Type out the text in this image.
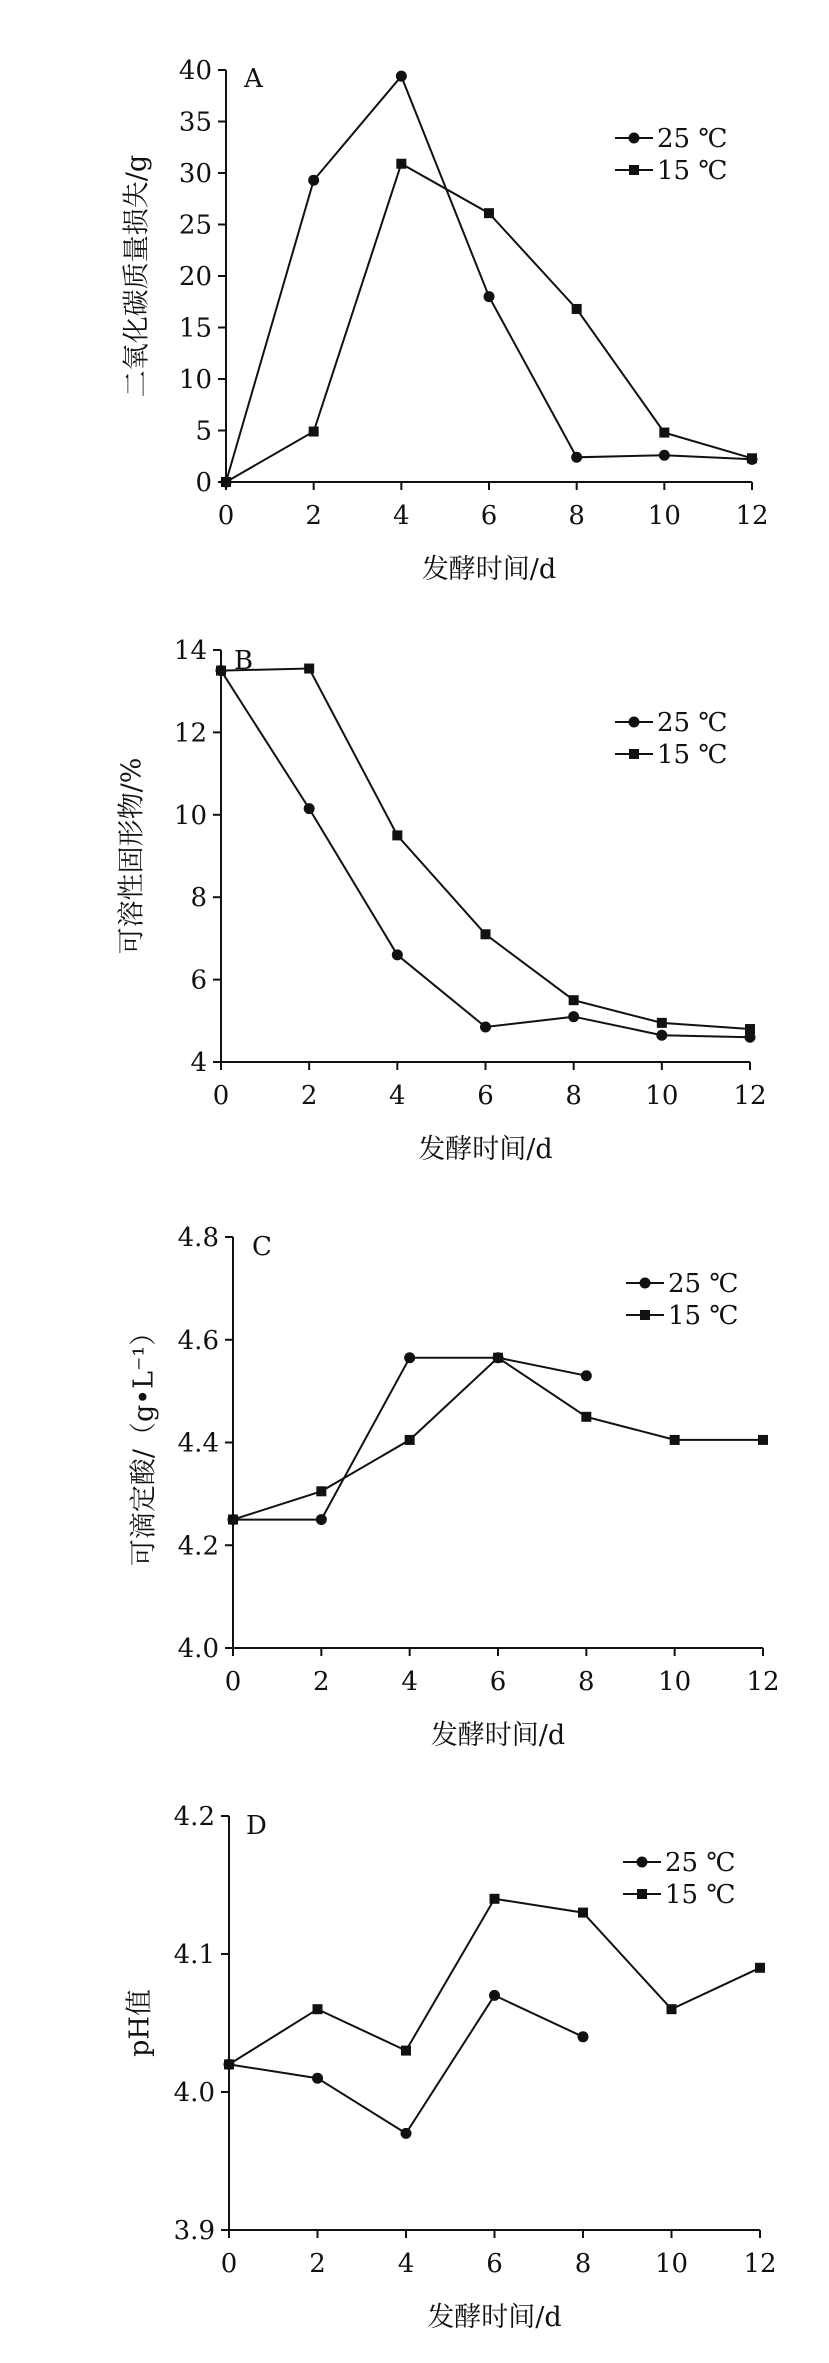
0
5
10
15
20
25
30
35
40
0	2	4	6	8 10 12
发酵时间/d
二氧化碳质量损失/g
A
25 ℃
15 ℃
4
6
8
10
12
14
0	2	4	6	8 10 12
发酵时间/d
可溶性固形物/%
B
25 ℃
15 ℃
4.0
4.2
4.4
4.6
4.8
0	2	4	6	8 10 12
发酵时间/d
可滴定酸/（g•L⁻¹）
C
25 ℃
15 ℃
3.9
4.0
4.1
4.2
0	2	4	6	8 10 12
发酵时间/d
pH值
D
25 ℃
15 ℃
